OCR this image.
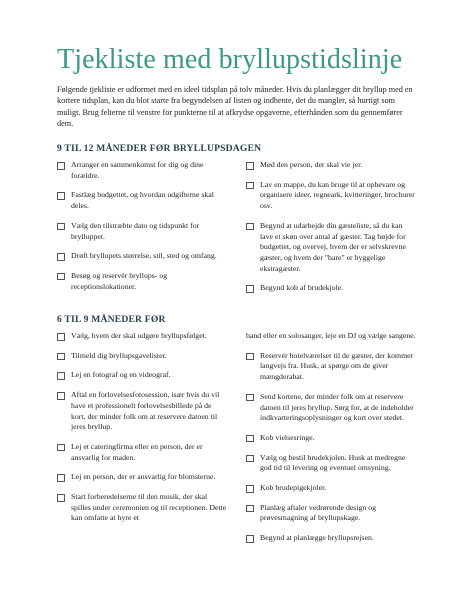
Tjekliste med bryllupstidslinje

Følgende tjekliste er udformet med en ideel tidsplan på tolv måneder. Hvis du planlægger dit bryllup med en kortere tidsplan, kan du blot starte fra begyndelsen af listen og indhente, det du mangler, så hurtigt som muligt. Brug felterne til venstre for punkterne til at afkrydse opgaverne, efterhånden som du gennemfører dem.

9 TIL 12 MÅNEDER FØR BRYLLUPSDAGEN
Arranger en sammenkomst for dig og dine forældre.
Fastlæg budgettet, og hvordan udgifterne skal deles.
Vælg den tilstræbte dato og tidspunkt for brylluppet.
Drøft bryllupets størrelse, stil, sted og omfang.
Besøg og reservér bryllups- og receptionslokationer.
Mød den person, der skal vie jer.
Lav en mappe, du kan bruge til at opbevare og organisere ideer, regneark, kvitteringer, brochurer osv.
Begynd at udarbejde din gæsteliste, så du kan lave et skøn over antal af gæster. Tag højde for budgettet, og overvej, hvem der er selvskrevne gæster, og hvem der "bare" er hyggelige ekstragæster.
Begynd kob af brudekjole.
6 TIL 9 MÅNEDER FØR
Vælg, hvem der skal udgøre bryllupsfølget.
Tilmeld dig bryllupsgavelister.
Lej en fotograf og en videograf.
Aftal en forlovelsesfotosession, især hvis du vil have et professionelt forlovelsesbillede på de kort, der minder folk om at reservere datoen til jeres bryllup.
Lej et cateringfirma eller en person, der er ansvarlig for maden.
Lej en person, der er ansvarlig for blomsterne.
Start forberedelserne til den musik, der skal spilles under ceremonien og til receptionen. Dette kan omfatte at hyre et
band eller en solosanger, leje en DJ og vælge sangene.
Reservér hotelværelser til de gæster, der kommer langvejs fra. Husk, at spørge om de giver mængderabat.
Send kortene, der minder folk om at reservere datoen til jeres bryllup. Sørg for, at de indeholder indkvarteringsoplysninger og kort over stedet.
Kob vielsesringe.
Vælg og bestil brudekjolen. Husk at medregne god tid til levering og eventuel omsyning.
Kob brudepigekjoler.
Planlæg aftaler vedrørende design og prøvesmagning af bryllupskage.
Begynd at planlægge bryllupsrejsen.
